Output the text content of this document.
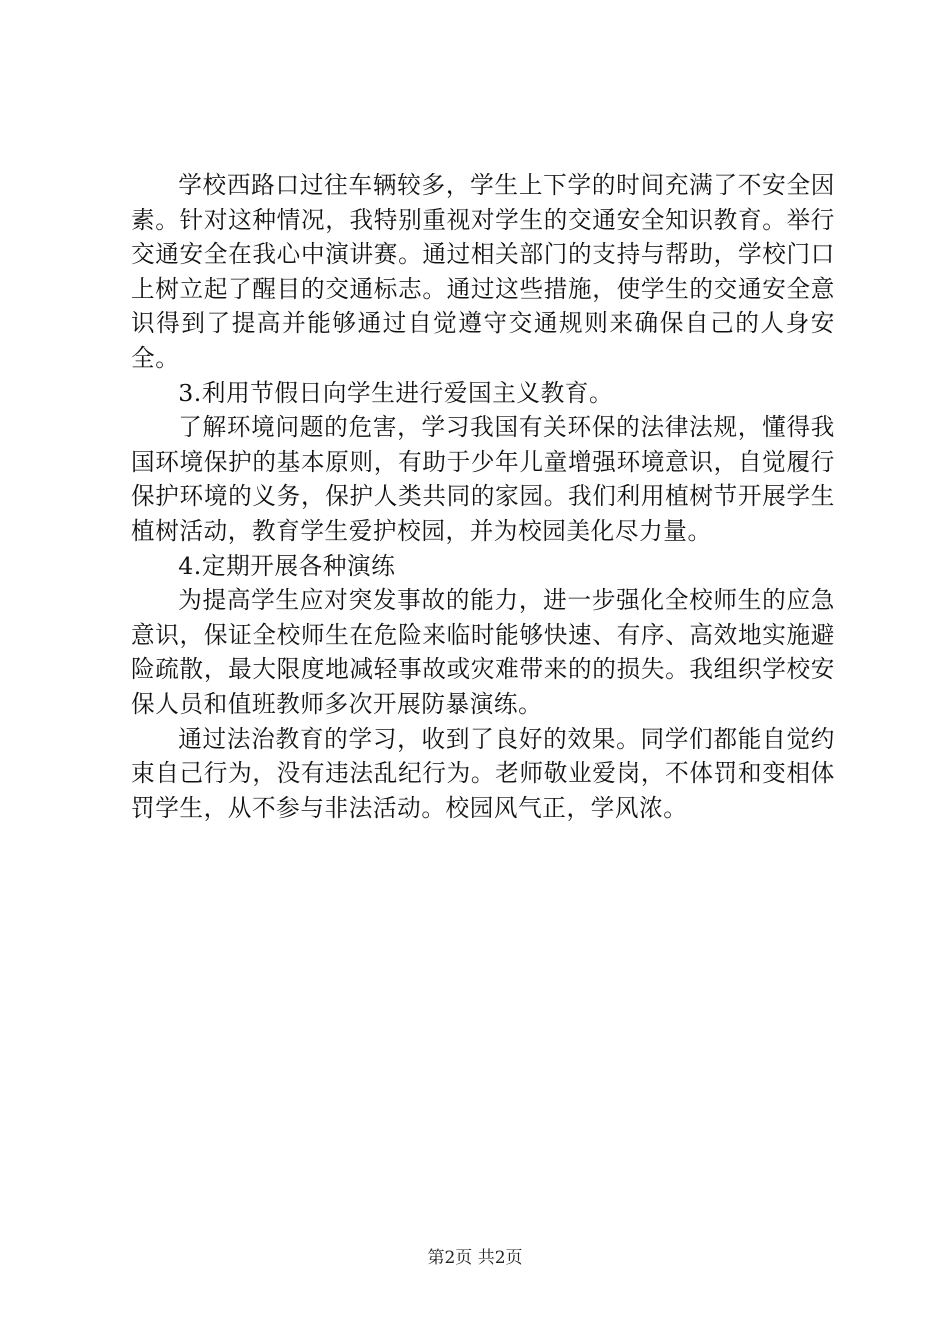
学校西路口过往车辆较多，学生上下学的时间充满了不安全因素。针对这种情况，我特别重视对学生的交通安全知识教育。举行交通安全在我心中演讲赛。通过相关部门的支持与帮助，学校门口上树立起了醒目的交通标志。通过这些措施，使学生的交通安全意识得到了提高并能够通过自觉遵守交通规则来确保自己的人身安全。

3.利用节假日向学生进行爱国主义教育。

了解环境问题的危害，学习我国有关环保的法律法规，懂得我国环境保护的基本原则，有助于少年儿童增强环境意识，自觉履行保护环境的义务，保护人类共同的家园。我们利用植树节开展学生植树活动，教育学生爱护校园，并为校园美化尽力量。

4.定期开展各种演练

为提高学生应对突发事故的能力，进一步强化全校师生的应急意识，保证全校师生在危险来临时能够快速、有序、高效地实施避险疏散，最大限度地减轻事故或灾难带来的的损失。我组织学校安保人员和值班教师多次开展防暴演练。

通过法治教育的学习，收到了良好的效果。同学们都能自觉约束自己行为，没有违法乱纪行为。老师敬业爱岗，不体罚和变相体罚学生，从不参与非法活动。校园风气正，学风浓。

第2页 共2页
